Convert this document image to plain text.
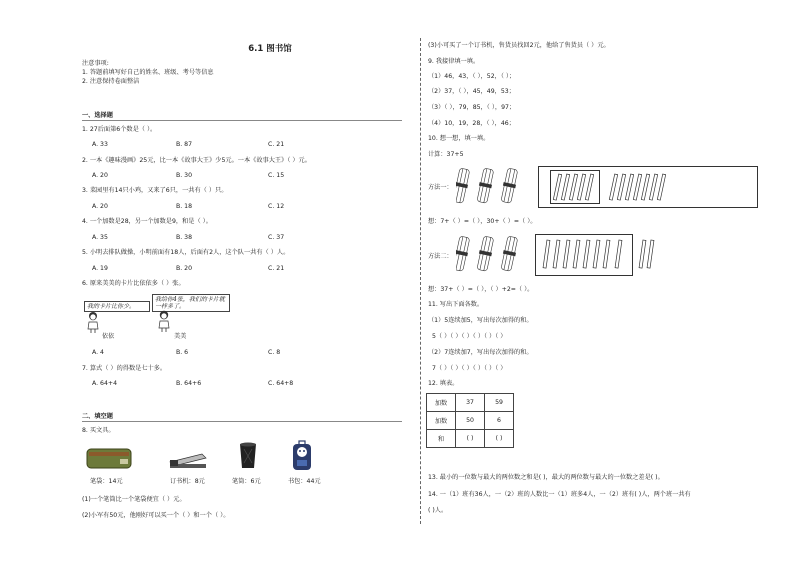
6.1 图书馆
注意事项:
1. 答题前填写好自己的姓名、班级、考号等信息
2. 注意保持卷面整洁
一、选择题
1. 27后面第6个数是（ ）。
A. 33	B. 87	C. 21
2. 一本《趣味漫画》25元，比一本《故事大王》少5元。一本《故事大王》（ ）元。
A. 20	B. 30	C. 15
3. 菜园里有14只小鸡，又来了6只，一共有（ ）只。
A. 20	B. 18	C. 12
4. 一个加数是28，另一个加数是9，和是（ ）。
A. 35	B. 38	C. 37
5. 小明去排队做操，小明前面有18人，后面有2人，这个队一共有（ ）人。
A. 19	B. 20	C. 21
6. 原来美美的卡片比依依多（ ）张。
我的卡片比你少。
我给你4张，我们的卡片就一样多了。
依依	美美
A. 4	B. 6	C. 8
7. 算式（ ）的得数是七十多。
A. 64+4	B. 64+6	C. 64+8
二、填空题
8. 买文具。
笔袋：14元	订书机：8元	笔筒：6元	书包：44元
(1)一个笔筒比一个笔袋便宜（ ）元。
(2)小军有50元，他刚好可以买一个（ ）和一个（ ）。
(3)小可买了一个订书机，售货员找回2元，他给了售货员（ ）元。
9. 我接律填一填。
（1）46，43，（ ），52，（ ）；
（2）37，（ ），45，49，53；
（3）（ ），79，85，（ ），97；
（4）10，19，28，（ ），46；
10. 想一想，填一填。
计算：37+5
方法一：
想：7+（ ）=（ ），30+（ ）=（ ）。
方法二：
想：37+（ ）=（ ），（ ）+2=（ ）。
11. 写出下面各数。
（1）5连续加5，写出每次加得的和。
5（ ）（ ）（ ）（ ）（ ）（ ）
（2）7连续加7，写出每次加得的和。
7（ ）（ ）（ ）（ ）（ ）（ ）
12. 填表。
加数	37	59
加数	50	6
和	( )	( )
13. 最小的一位数与最大的两位数之和是( )，最大的两位数与最大的一位数之差是( )。
14. 一（1）班有36人，一（2）班的人数比一（1）班多4人，一（2）班有( )人，两个班一共有
( )人。
